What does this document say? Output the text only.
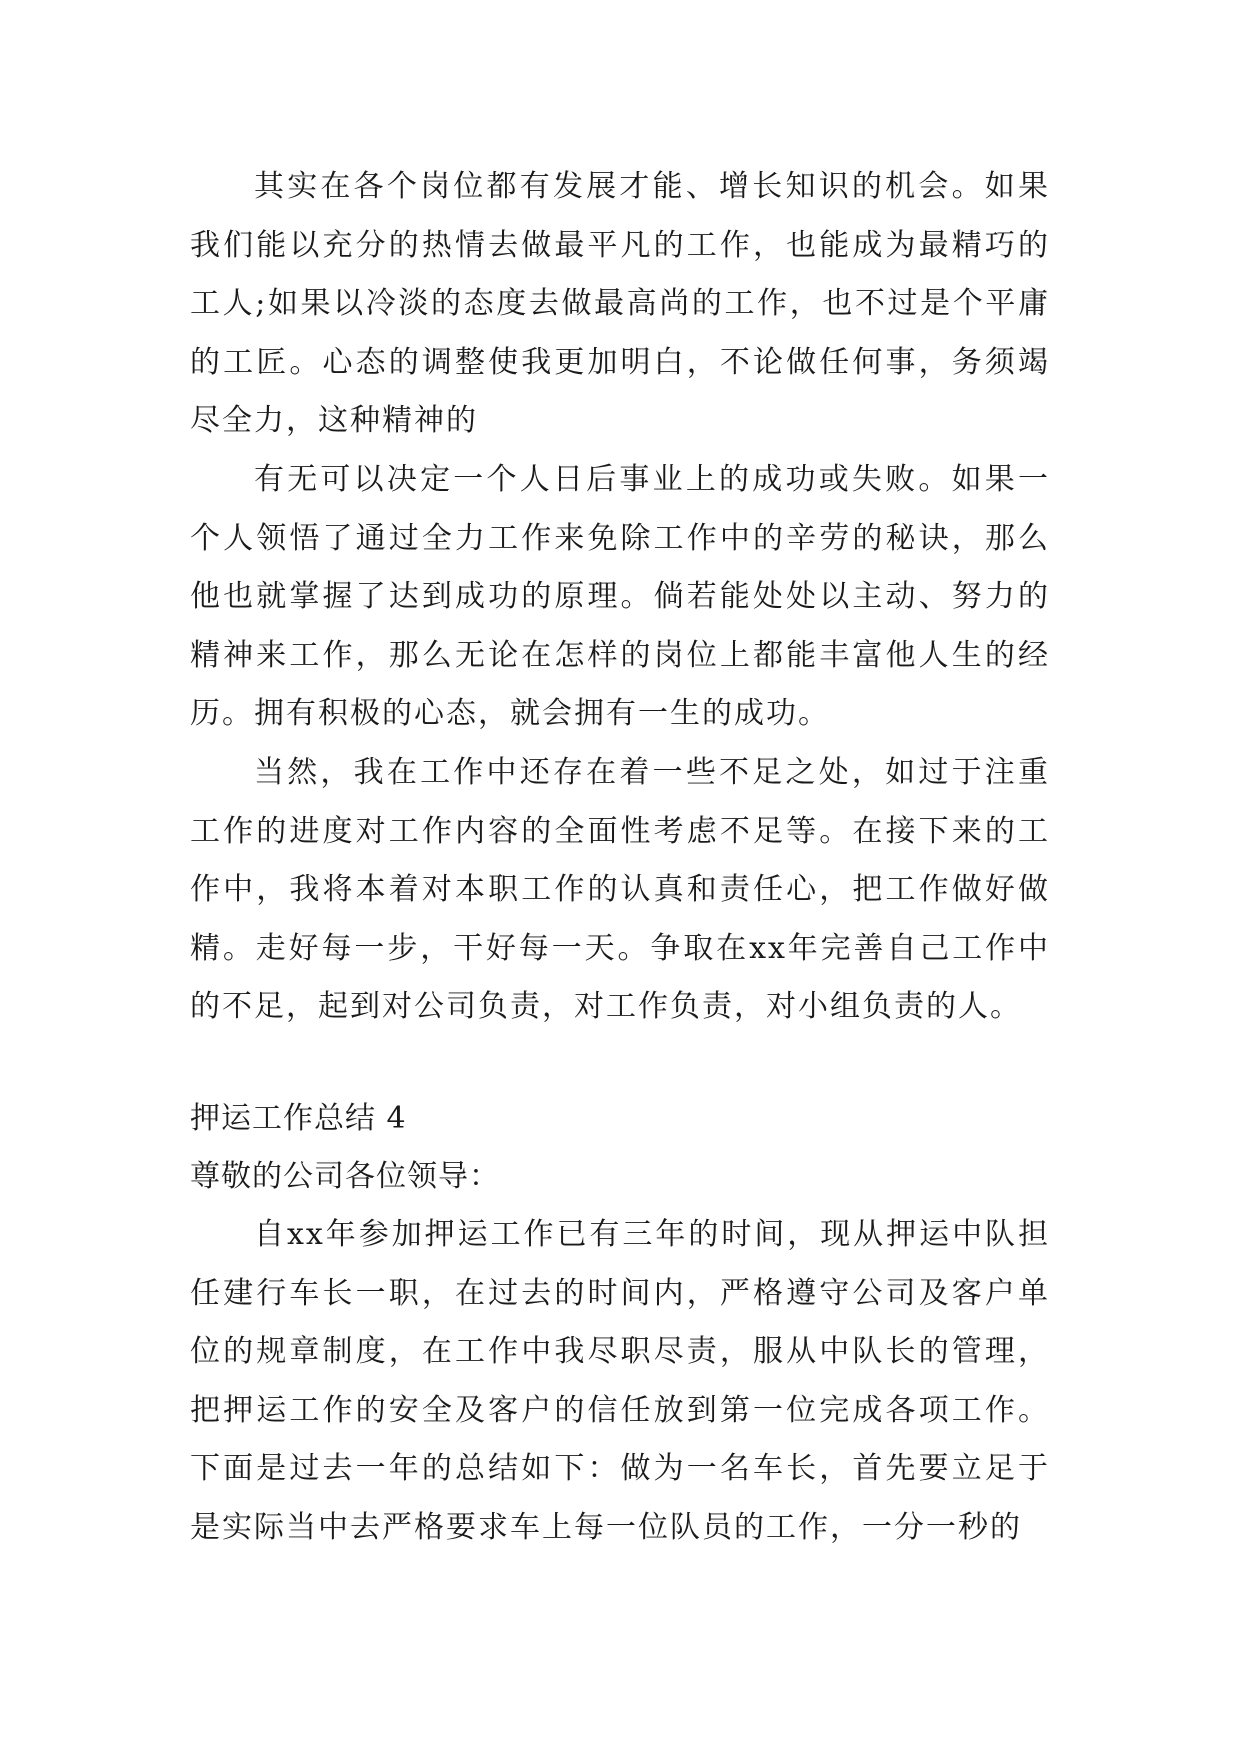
其实在各个岗位都有发展才能、增长知识的机会。如果我们能以充分的热情去做最平凡的工作，也能成为最精巧的工人;如果以冷淡的态度去做最高尚的工作，也不过是个平庸的工匠。心态的调整使我更加明白，不论做任何事，务须竭尽全力，这种精神的

有无可以决定一个人日后事业上的成功或失败。如果一个人领悟了通过全力工作来免除工作中的辛劳的秘诀，那么他也就掌握了达到成功的原理。倘若能处处以主动、努力的精神来工作，那么无论在怎样的岗位上都能丰富他人生的经历。拥有积极的心态，就会拥有一生的成功。

当然，我在工作中还存在着一些不足之处，如过于注重工作的进度对工作内容的全面性考虑不足等。在接下来的工作中，我将本着对本职工作的认真和责任心，把工作做好做精。走好每一步，干好每一天。争取在xx年完善自己工作中的不足，起到对公司负责，对工作负责，对小组负责的人。

押运工作总结 4

尊敬的公司各位领导：

自xx年参加押运工作已有三年的时间，现从押运中队担任建行车长一职，在过去的时间内，严格遵守公司及客户单位的规章制度，在工作中我尽职尽责，服从中队长的管理，把押运工作的安全及客户的信任放到第一位完成各项工作。下面是过去一年的总结如下：做为一名车长，首先要立足于是实际当中去严格要求车上每一位队员的工作，一分一秒的
